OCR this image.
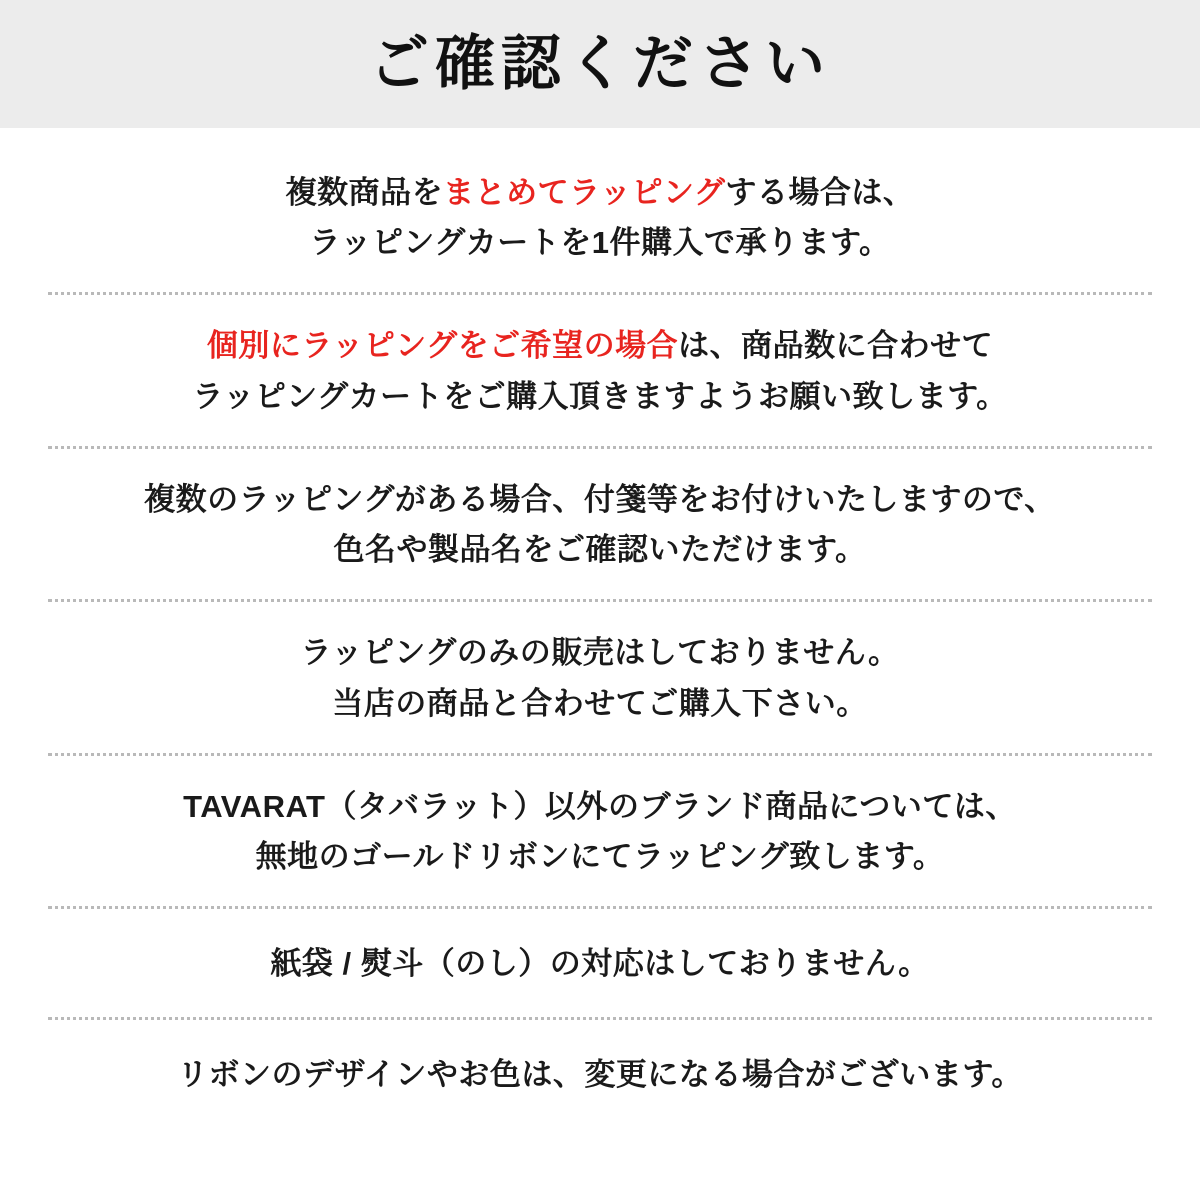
ご確認ください
複数商品をまとめてラッピングする場合は、
ラッピングカートを1件購入で承ります。
個別にラッピングをご希望の場合は、商品数に合わせて
ラッピングカートをご購入頂きますようお願い致します。
複数のラッピングがある場合、付箋等をお付けいたしますので、
色名や製品名をご確認いただけます。
ラッピングのみの販売はしておりません。
当店の商品と合わせてご購入下さい。
TAVARAT（タバラット）以外のブランド商品については、
無地のゴールドリボンにてラッピング致します。
紙袋 / 熨斗（のし）の対応はしておりません。
リボンのデザインやお色は、変更になる場合がございます。
